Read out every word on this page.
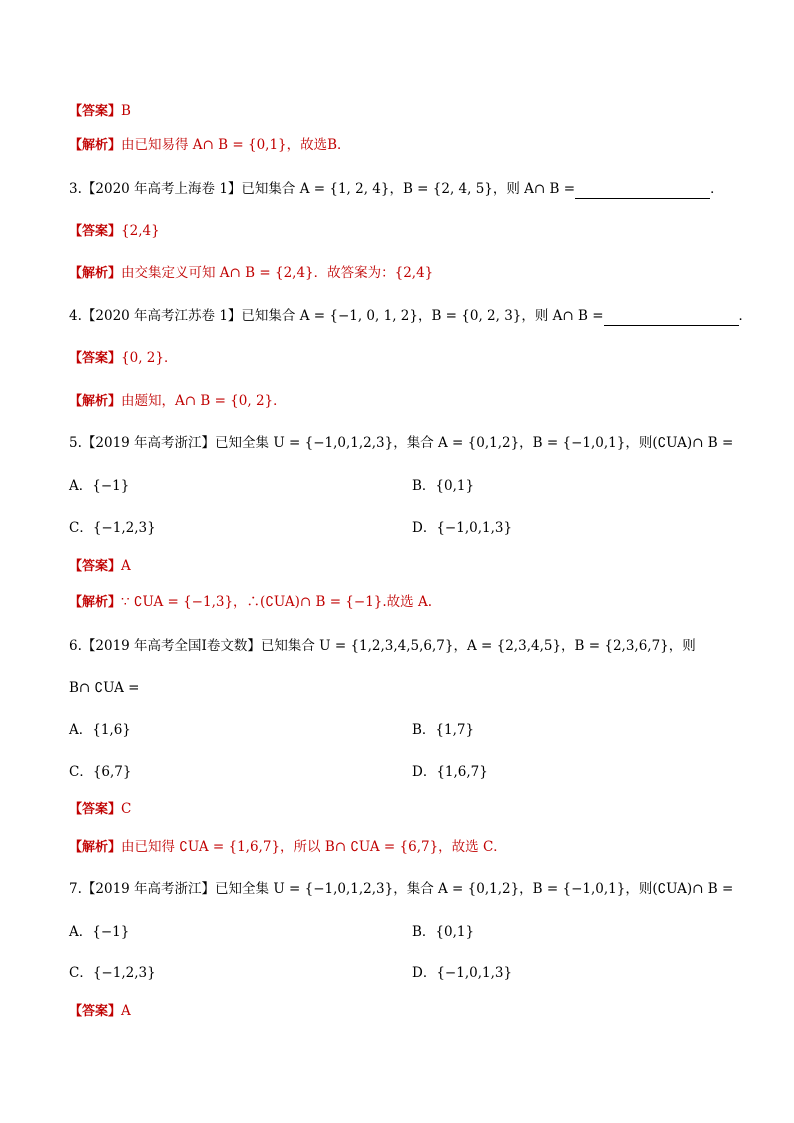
【答案】B
【解析】由已知易得 A∩ B = {0,1}，故选B．
3.【2020 年高考上海卷 1】已知集合 A = {1, 2, 4}，B = {2, 4, 5}，则 A∩ B =	．
【答案】{2,4}
【解析】由交集定义可知 A∩ B = {2,4}．故答案为：{2,4}
4.【2020 年高考江苏卷 1】已知集合 A = {−1, 0, 1, 2}，B = {0, 2, 3}，则 A∩ B =	．
【答案】{0, 2}．
【解析】由题知，A∩ B = {0, 2}．
5.【2019 年高考浙江】已知全集 U = {−1,0,1,2,3}，集合 A = {0,1,2}，B = {−1,0,1}，则(∁UA)∩ B =
A．{−1}	B．{0,1}
C．{−1,2,3}	D．{−1,0,1,3}
【答案】A
【解析】∵ ∁UA = {−1,3}，∴(∁UA)∩ B = {−1}.故选 A.
6.【2019 年高考全国Ⅰ卷文数】已知集合 U = {1,2,3,4,5,6,7}，A = {2,3,4,5}，B = {2,3,6,7}，则
B∩ ∁UA =
A．{1,6}	B．{1,7}
C．{6,7}	D．{1,6,7}
【答案】C
【解析】由已知得 ∁UA = {1,6,7}，所以 B∩ ∁UA = {6,7}，故选 C．
7.【2019 年高考浙江】已知全集 U = {−1,0,1,2,3}，集合 A = {0,1,2}，B = {−1,0,1}，则(∁UA)∩ B =
A．{−1}	B．{0,1}
C．{−1,2,3}	D．{−1,0,1,3}
【答案】A
